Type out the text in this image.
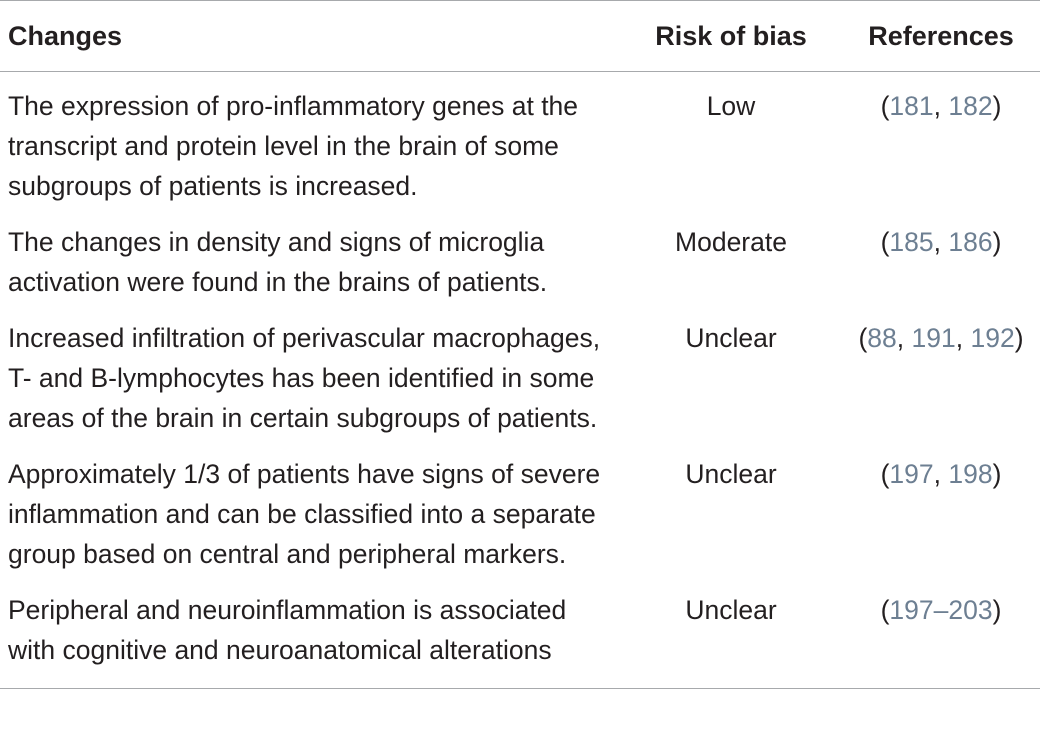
Changes	Risk of bias	References
The expression of pro-inflammatory genes at the transcript and protein level in the brain of some subgroups of patients is increased.	Low	(181, 182)
The changes in density and signs of microglia activation were found in the brains of patients.	Moderate	(185, 186)
Increased infiltration of perivascular macrophages, T- and B-lymphocytes has been identified in some areas of the brain in certain subgroups of patients.	Unclear	(88, 191, 192)
Approximately 1/3 of patients have signs of severe inflammation and can be classified into a separate group based on central and peripheral markers.	Unclear	(197, 198)
Peripheral and neuroinflammation is associated with cognitive and neuroanatomical alterations	Unclear	(197–203)
